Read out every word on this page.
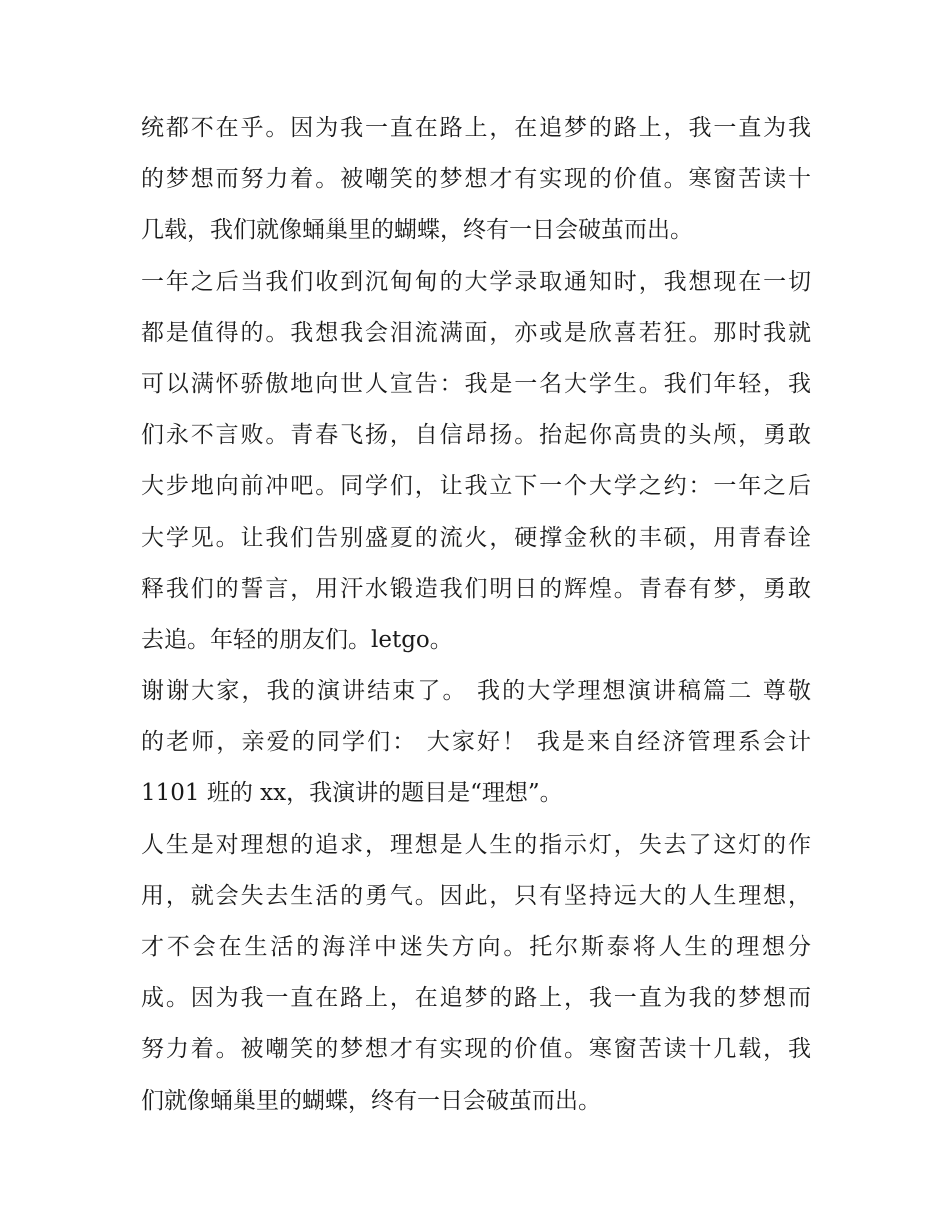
统都不在乎。因为我一直在路上，在追梦的路上，我一直为我
的梦想而努力着。被嘲笑的梦想才有实现的价值。寒窗苦读十
几载，我们就像蛹巢里的蝴蝶，终有一日会破茧而出。
一年之后当我们收到沉甸甸的大学录取通知时，我想现在一切
都是值得的。我想我会泪流满面，亦或是欣喜若狂。那时我就
可以满怀骄傲地向世人宣告：我是一名大学生。我们年轻，我
们永不言败。青春飞扬，自信昂扬。抬起你高贵的头颅，勇敢
大步地向前冲吧。同学们，让我立下一个大学之约：一年之后
大学见。让我们告别盛夏的流火，硬撑金秋的丰硕，用青春诠
释我们的誓言，用汗水锻造我们明日的辉煌。青春有梦，勇敢
去追。年轻的朋友们。letgo。
谢谢大家，我的演讲结束了。 我的大学理想演讲稿篇二 尊敬
的老师，亲爱的同学们： 大家好！ 我是来自经济管理系会计
1101 班的 xx，我演讲的题目是“理想”。
人生是对理想的追求，理想是人生的指示灯，失去了这灯的作
用，就会失去生活的勇气。因此，只有坚持远大的人生理想，
才不会在生活的海洋中迷失方向。托尔斯泰将人生的理想分
成。因为我一直在路上，在追梦的路上，我一直为我的梦想而
努力着。被嘲笑的梦想才有实现的价值。寒窗苦读十几载，我
们就像蛹巢里的蝴蝶，终有一日会破茧而出。
